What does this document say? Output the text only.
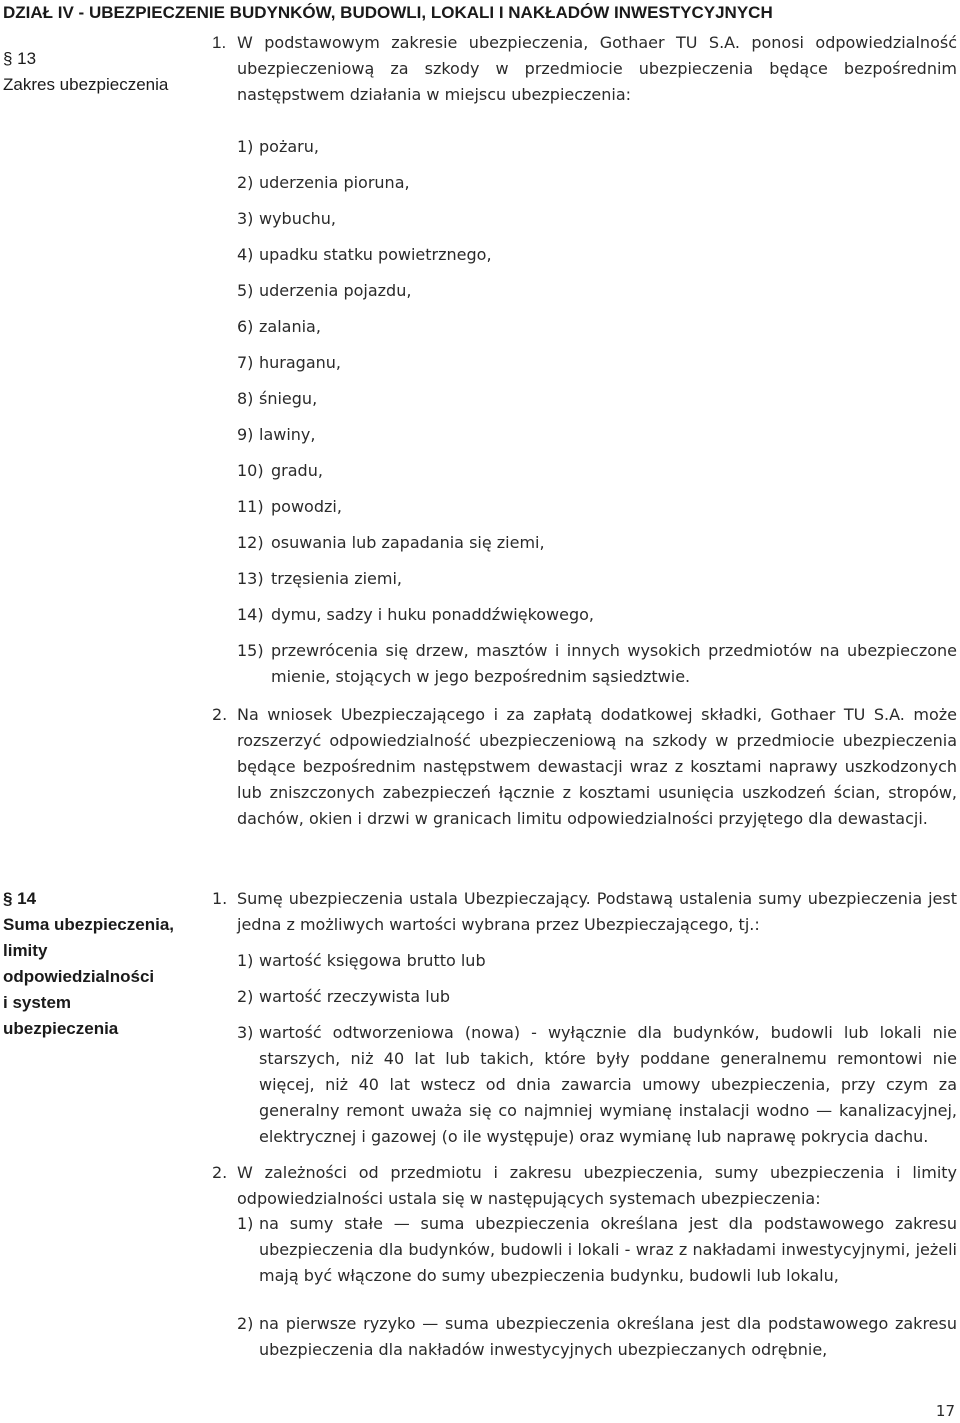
DZIAŁ IV - UBEZPIECZENIE BUDYNKÓW, BUDOWLI, LOKALI I NAKŁADÓW INWESTYCYJNYCH
§ 13
Zakres ubezpieczenia
1. W podstawowym zakresie ubezpieczenia, Gothaer TU S.A. ponosi odpowiedzialność ubezpieczeniową za szkody w przedmiocie ubezpieczenia będące bezpośrednim następstwem działania w miejscu ubezpieczenia:
1) pożaru,
2) uderzenia pioruna,
3) wybuchu,
4) upadku statku powietrznego,
5) uderzenia pojazdu,
6) zalania,
7) huraganu,
8) śniegu,
9) lawiny,
10) gradu,
11) powodzi,
12) osuwania lub zapadania się ziemi,
13) trzęsienia ziemi,
14) dymu, sadzy i huku ponaddźwiękowego,
15) przewrócenia się drzew, masztów i innych wysokich przedmiotów na ubezpieczone mienie, stojących w jego bezpośrednim sąsiedztwie.
2. Na wniosek Ubezpieczającego i za zapłatą dodatkowej składki, Gothaer TU S.A. może rozszerzyć odpowiedzialność ubezpieczeniową na szkody w przedmiocie ubezpieczenia będące bezpośrednim następstwem dewastacji wraz z kosztami naprawy uszkodzonych lub zniszczonych zabezpieczeń łącznie z kosztami usunięcia uszkodzeń ścian, stropów, dachów, okien i drzwi w granicach limitu odpowiedzialności przyjętego dla dewastacji.
§ 14
Suma ubezpieczenia,
limity
odpowiedzialności
i system
ubezpieczenia
1. Sumę ubezpieczenia ustala Ubezpieczający. Podstawą ustalenia sumy ubezpieczenia jest jedna z możliwych wartości wybrana przez Ubezpieczającego, tj.:
1) wartość księgowa brutto lub
2) wartość rzeczywista lub
3) wartość odtworzeniowa (nowa) - wyłącznie dla budynków, budowli lub lokali nie starszych, niż 40 lat lub takich, które były poddane generalnemu remontowi nie więcej, niż 40 lat wstecz od dnia zawarcia umowy ubezpieczenia, przy czym za generalny remont uważa się co najmniej wymianę instalacji wodno — kanalizacyjnej, elektrycznej i gazowej (o ile występuje) oraz wymianę lub naprawę pokrycia dachu.
2. W zależności od przedmiotu i zakresu ubezpieczenia, sumy ubezpieczenia i limity odpowiedzialności ustala się w następujących systemach ubezpieczenia:
1) na sumy stałe — suma ubezpieczenia określana jest dla podstawowego zakresu ubezpieczenia dla budynków, budowli i lokali - wraz z nakładami inwestycyjnymi, jeżeli mają być włączone do sumy ubezpieczenia budynku, budowli lub lokalu,
2) na pierwsze ryzyko — suma ubezpieczenia określana jest dla podstawowego zakresu ubezpieczenia dla nakładów inwestycyjnych ubezpieczanych odrębnie,
17
